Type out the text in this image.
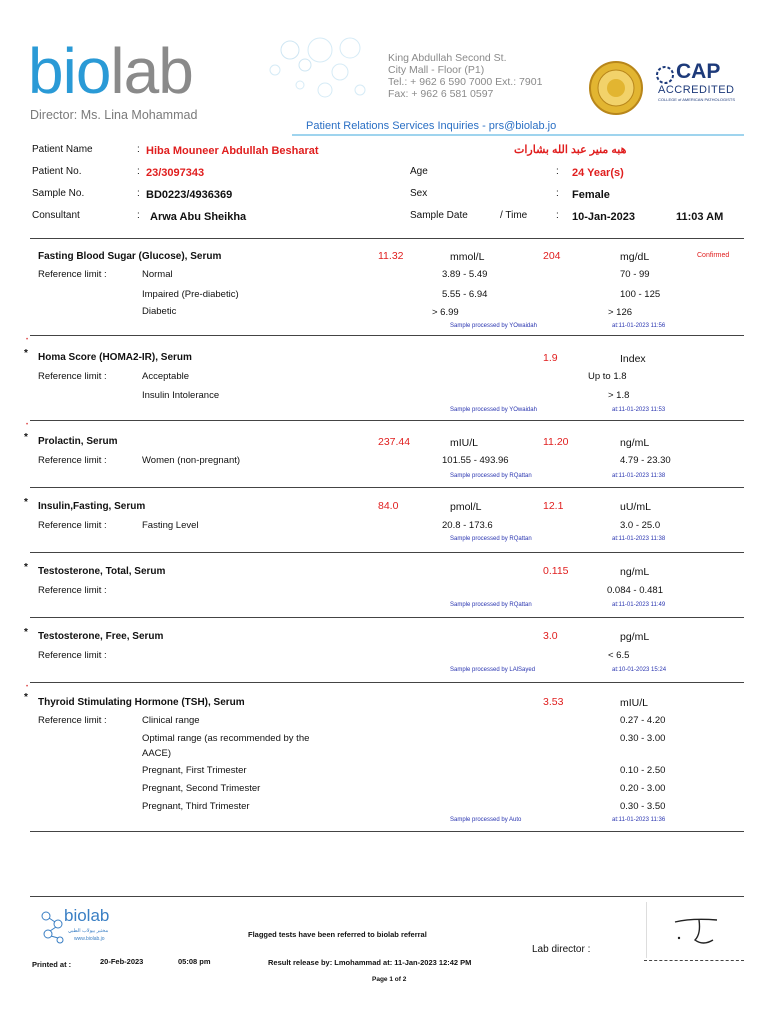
biolab
Director: Ms. Lina Mohammad
King Abdullah Second St.
City Mall - Floor (P1)
Tel.: + 962 6 590 7000 Ext.: 7901
Fax: + 962 6 581 0597
CAP
ACCREDITED
COLLEGE of AMERICAN PATHOLOGISTS
Patient Relations Services Inquiries - prs@biolab.jo
Patient Name	: Hiba Mouneer Abdullah Besharat	هبه منير عبد الله بشارات
Patient No.	: 23/3097343
Sample No.	: BD0223/4936369
Consultant	: Arwa Abu Sheikha
Age	: 24 Year(s)
Sex	: Female
Sample Date	/ Time	: 10-Jan-2023	11:03 AM
Fasting Blood Sugar (Glucose), Serum	11.32	mmol/L	204	mg/dL	Confirmed
Reference limit :	Normal	3.89 - 5.49	70 - 99
Impaired (Pre-diabetic)	5.55 - 6.94	100 - 125
Diabetic	> 6.99	> 126
Sample processed by YOwaidah	at:11-01-2023 11:56
•
* Homa Score (HOMA2-IR), Serum	1.9	Index
Reference limit :	Acceptable	Up to 1.8
Insulin Intolerance	> 1.8
Sample processed by YOwaidah	at:11-01-2023 11:53
•
* Prolactin, Serum	237.44	mIU/L	11.20	ng/mL
Reference limit :	Women (non-pregnant)	101.55 - 493.96	4.79 - 23.30
Sample processed by RQattan	at:11-01-2023 11:38
* Insulin,Fasting, Serum	84.0	pmol/L	12.1	uU/mL
Reference limit :	Fasting Level	20.8 - 173.6	3.0 - 25.0
Sample processed by RQattan	at:11-01-2023 11:38
* Testosterone, Total, Serum	0.115	ng/mL
Reference limit :	0.084 - 0.481
Sample processed by RQattan	at:11-01-2023 11:49
* Testosterone, Free, Serum	3.0	pg/mL
Reference limit :	< 6.5
Sample processed by LAlSayed	at:10-01-2023 15:24
•
* Thyroid Stimulating Hormone (TSH), Serum	3.53	mIU/L
Reference limit :	Clinical range	0.27 - 4.20
Optimal range (as recommended by the
AACE)
0.30 - 3.00
Pregnant, First Trimester	0.10 - 2.50
Pregnant, Second Trimester	0.20 - 3.00
Pregnant, Third Trimester	0.30 - 3.50
Sample processed by Auto	at:11-01-2023 11:36
biolab
مختبر بيولاب الطبي
www.biolab.jo	Flagged tests have been referred to biolab referral
Lab director :
Printed at :	20-Feb-2023	05:08 pm	Result release by: Lmohammad at: 11-Jan-2023 12:42 PM
Page 1 of 2
